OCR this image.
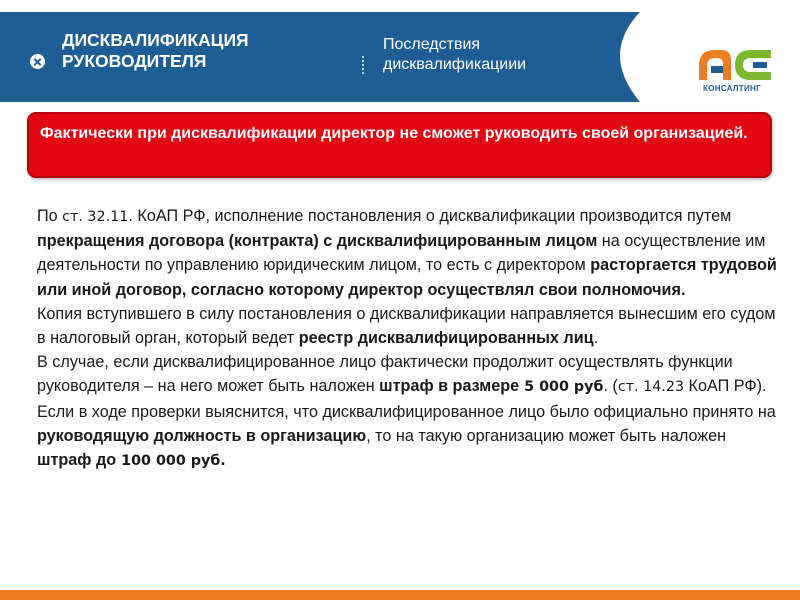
ДИСКВАЛИФИКАЦИЯ
РУКОВОДИТЕЛЯ
Последствия
дисквалификациии
КОНСАЛТИНГ
Фактически при дисквалификации директор не сможет руководить своей организацией.

По ст. 32.11. КоАП РФ, исполнение постановления о дисквалификации производится путем прекращения договора (контракта) с дисквалифицированным лицом на осуществление им деятельности по управлению юридическим лицом, то есть с директором расторгается трудовой или иной договор, согласно которому директор осуществлял свои полномочия.

Копия вступившего в силу постановления о дисквалификации направляется вынесшим его судом в налоговый орган, который ведет реестр дисквалифицированных лиц.

В случае, если дисквалифицированное лицо фактически продолжит осуществлять функции руководителя – на него может быть наложен штраф в размере 5 000 руб. (ст. 14.23 КоАП РФ).

Если в ходе проверки выяснится, что дисквалифицированное лицо было официально принято на руководящую должность в организацию, то на такую организацию может быть наложен штраф до 100 000 руб.
